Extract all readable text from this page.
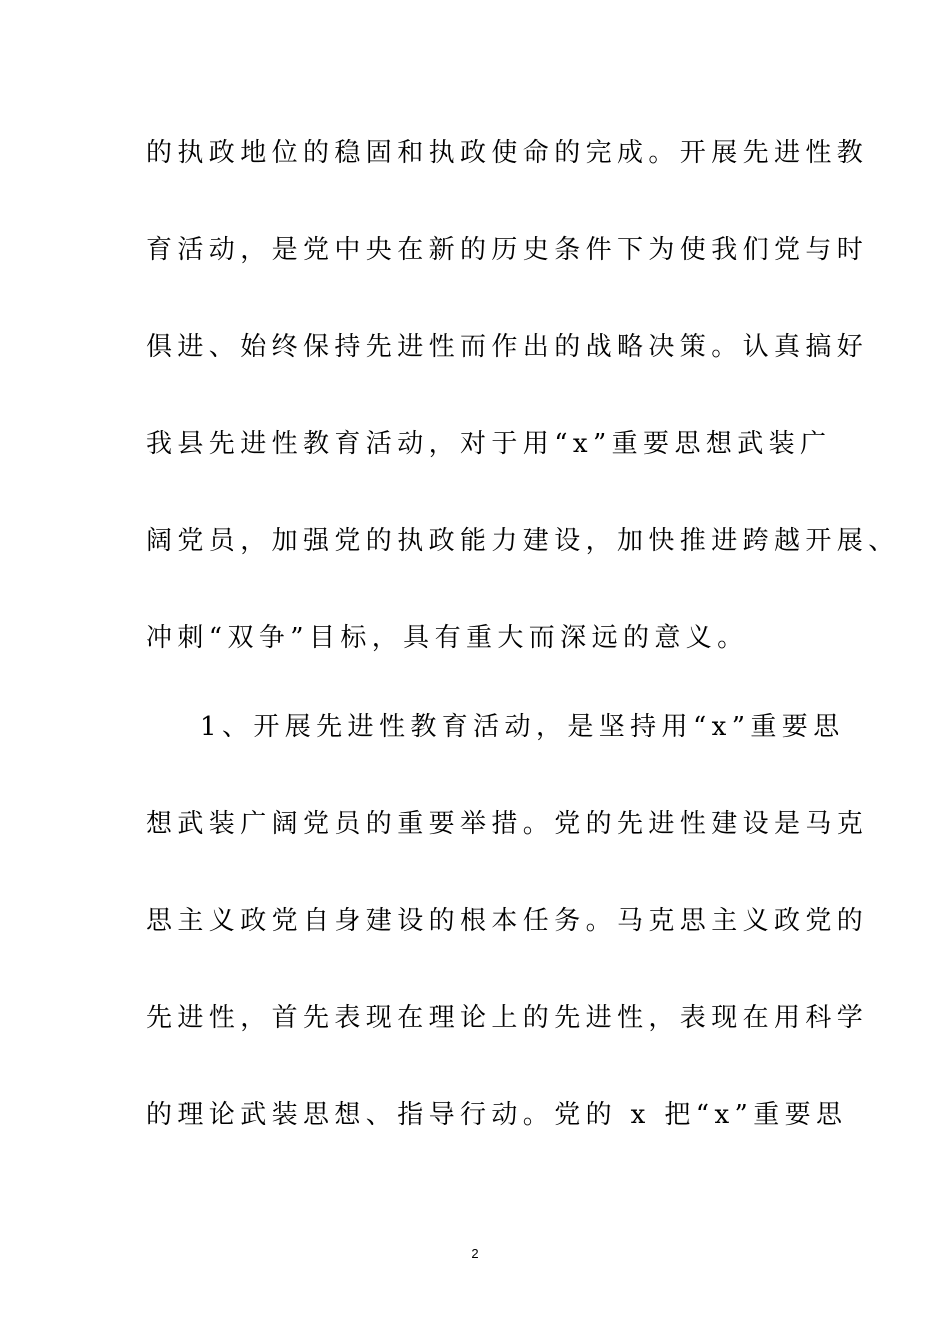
的执政地位的稳固和执政使命的完成。开展先进性教
育活动，是党中央在新的历史条件下为使我们党与时
俱进、始终保持先进性而作出的战略决策。认真搞好
我县先进性教育活动，对于用“x”重要思想武装广
阔党员，加强党的执政能力建设，加快推进跨越开展、
冲刺“双争”目标，具有重大而深远的意义。
1、开展先进性教育活动，是坚持用“x”重要思
想武装广阔党员的重要举措。党的先进性建设是马克
思主义政党自身建设的根本任务。马克思主义政党的
先进性，首先表现在理论上的先进性，表现在用科学
的理论武装思想、指导行动。党的 x 把“x”重要思
2
